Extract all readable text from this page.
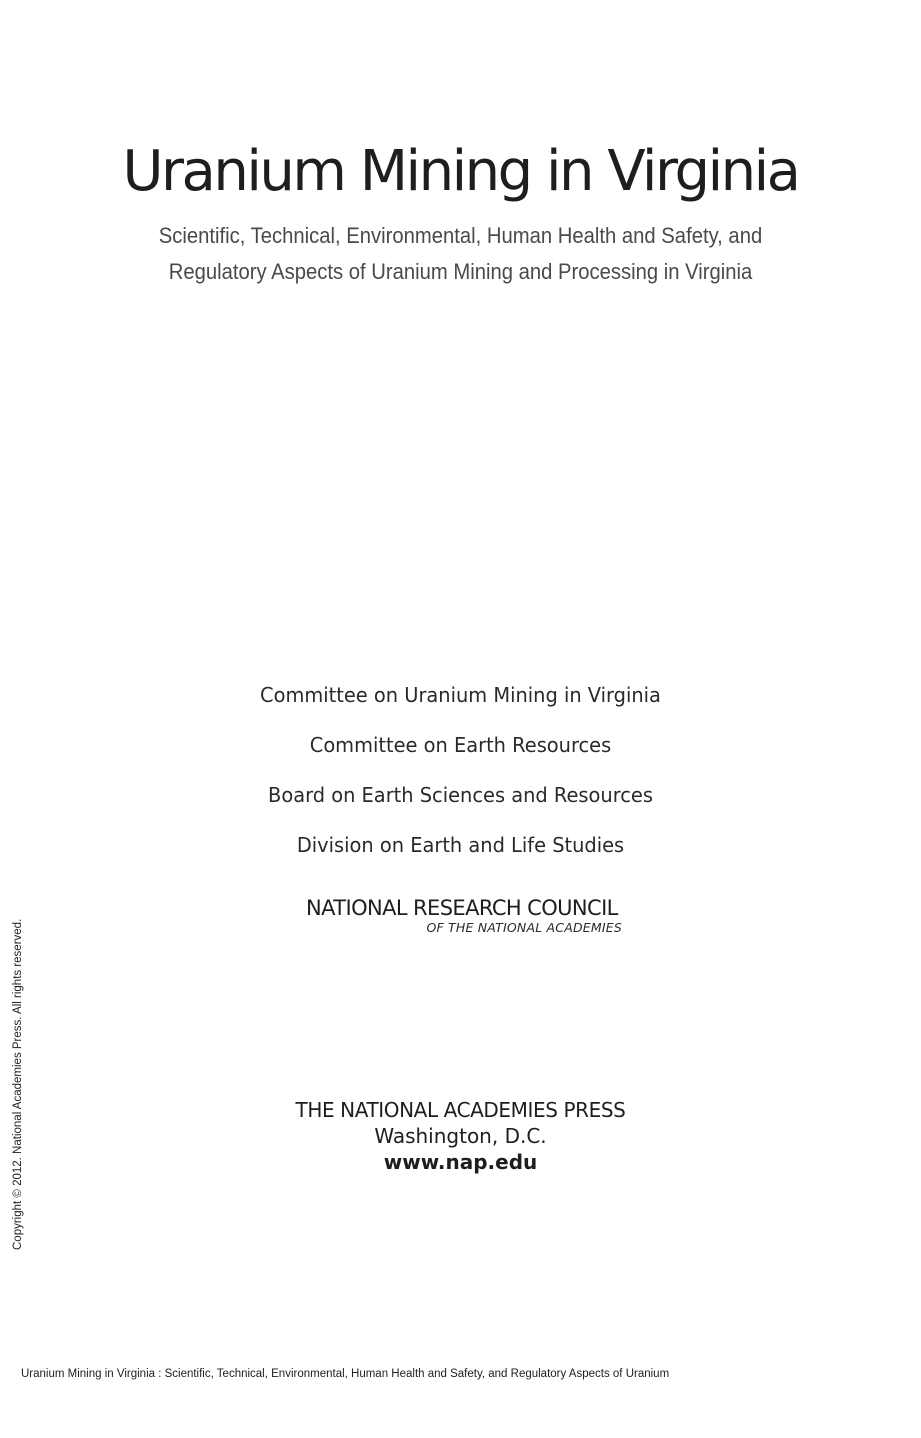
Uranium Mining in Virginia
Scientific, Technical, Environmental, Human Health and Safety, and
Regulatory Aspects of Uranium Mining and Processing in Virginia
Committee on Uranium Mining in Virginia
Committee on Earth Resources
Board on Earth Sciences and Resources
Division on Earth and Life Studies
NATIONAL RESEARCH COUNCIL
OF THE NATIONAL ACADEMIES
THE NATIONAL ACADEMIES PRESS
Washington, D.C.
www.nap.edu
Copyright © 2012. National Academies Press. All rights reserved.
Uranium Mining in Virginia : Scientific, Technical, Environmental, Human Health and Safety, and Regulatory Aspects of Uranium
